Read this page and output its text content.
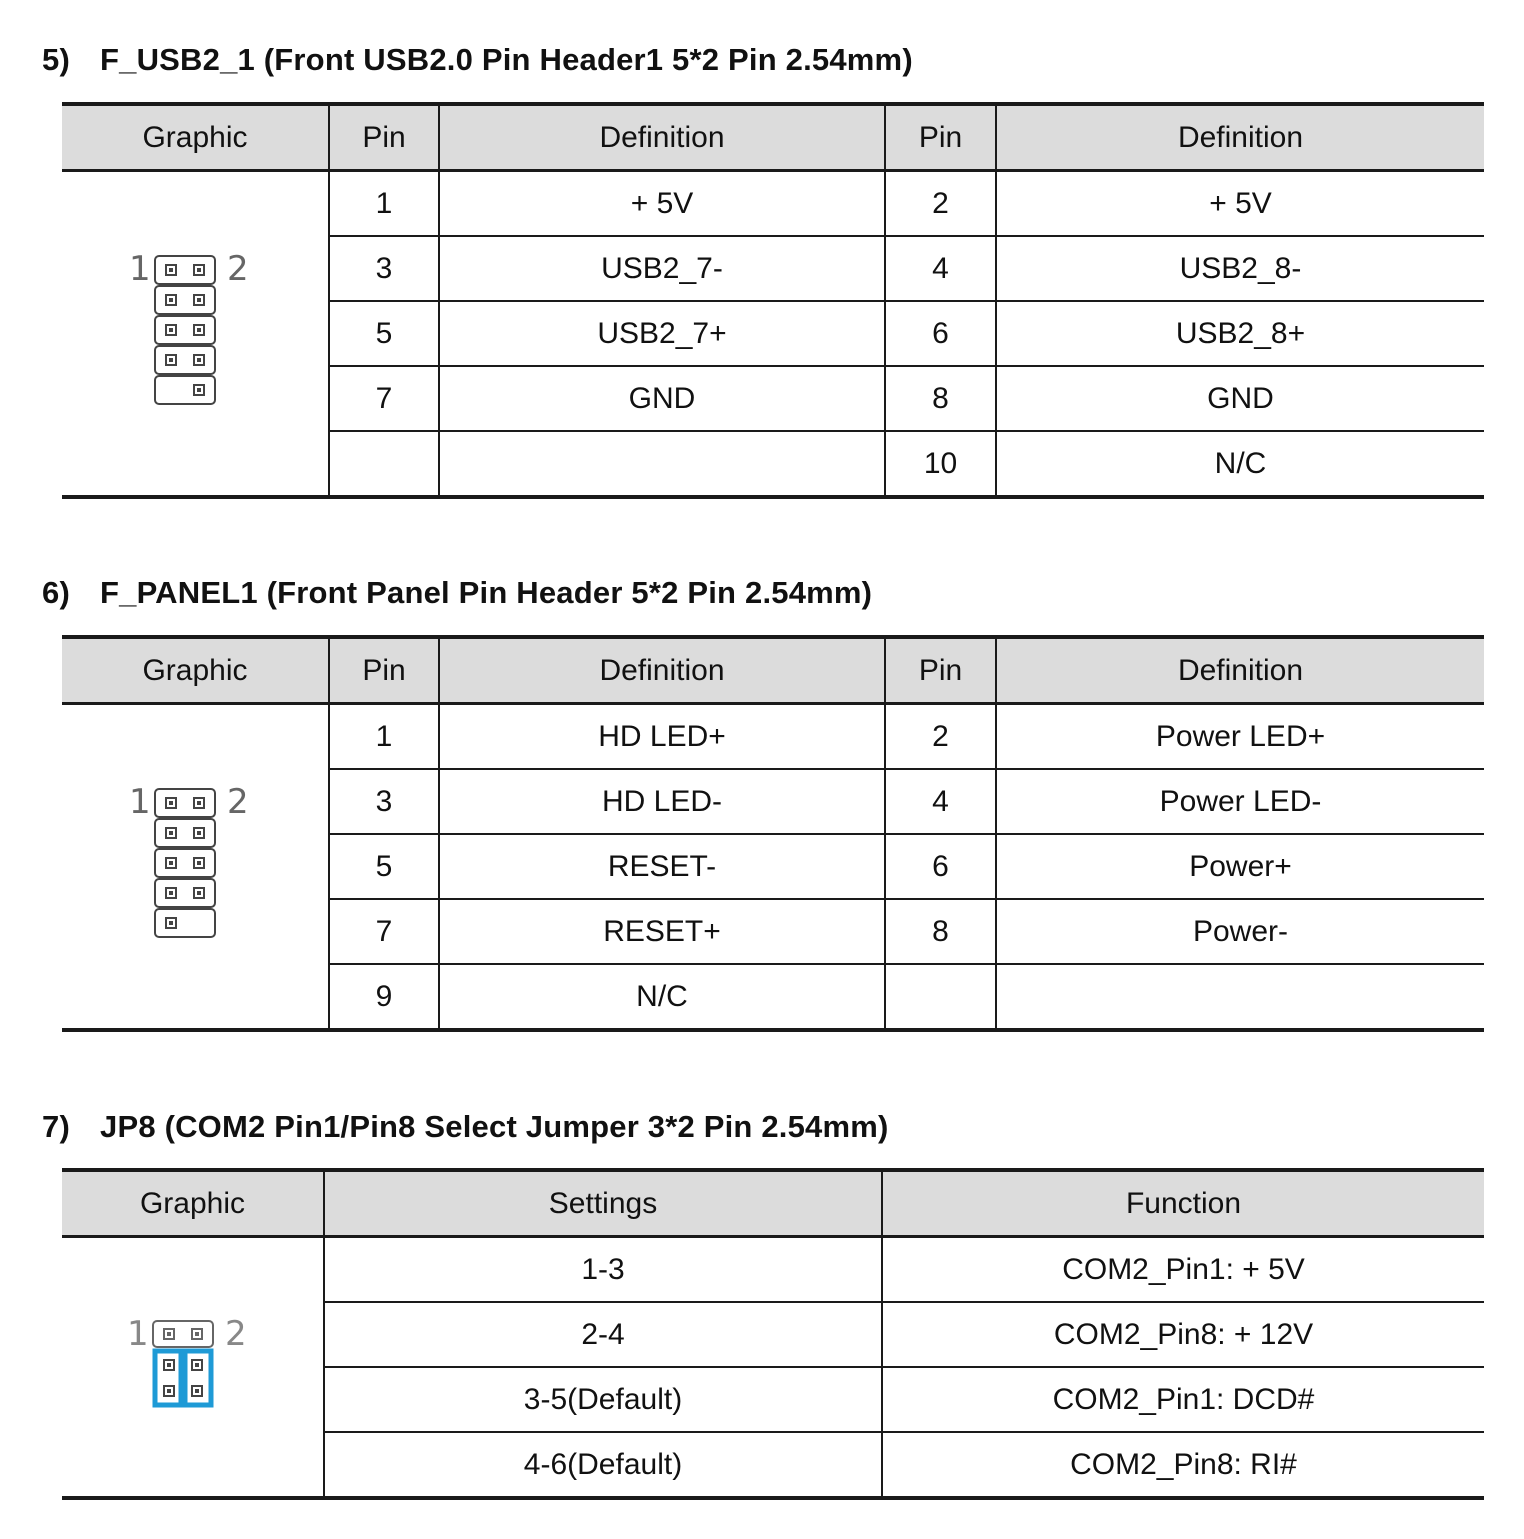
5) F_USB2_1 (Front USB2.0 Pin Header1 5*2 Pin 2.54mm)
Graphic	Pin	Definition	Pin	Definition

1 2	1	+ 5V	2	+ 5V
	3	USB2_7-	4	USB2_8-
	5	USB2_7+	6	USB2_8+
	7	GND	8	GND
			10	N/C
6) F_PANEL1 (Front Panel Pin Header 5*2 Pin 2.54mm)
Graphic	Pin	Definition	Pin	Definition

1 2	1	HD LED+	2	Power LED+
	3	HD LED-	4	Power LED-
	5	RESET-	6	Power+
	7	RESET+	8	Power-
	9	N/C		
7) JP8 (COM2 Pin1/Pin8 Select Jumper 3*2 Pin 2.54mm)
Graphic	Settings	Function

1 2	1-3	COM2_Pin1: + 5V
	2-4	COM2_Pin8: + 12V
	3-5(Default)	COM2_Pin1: DCD#
	4-6(Default)	COM2_Pin8: RI#
